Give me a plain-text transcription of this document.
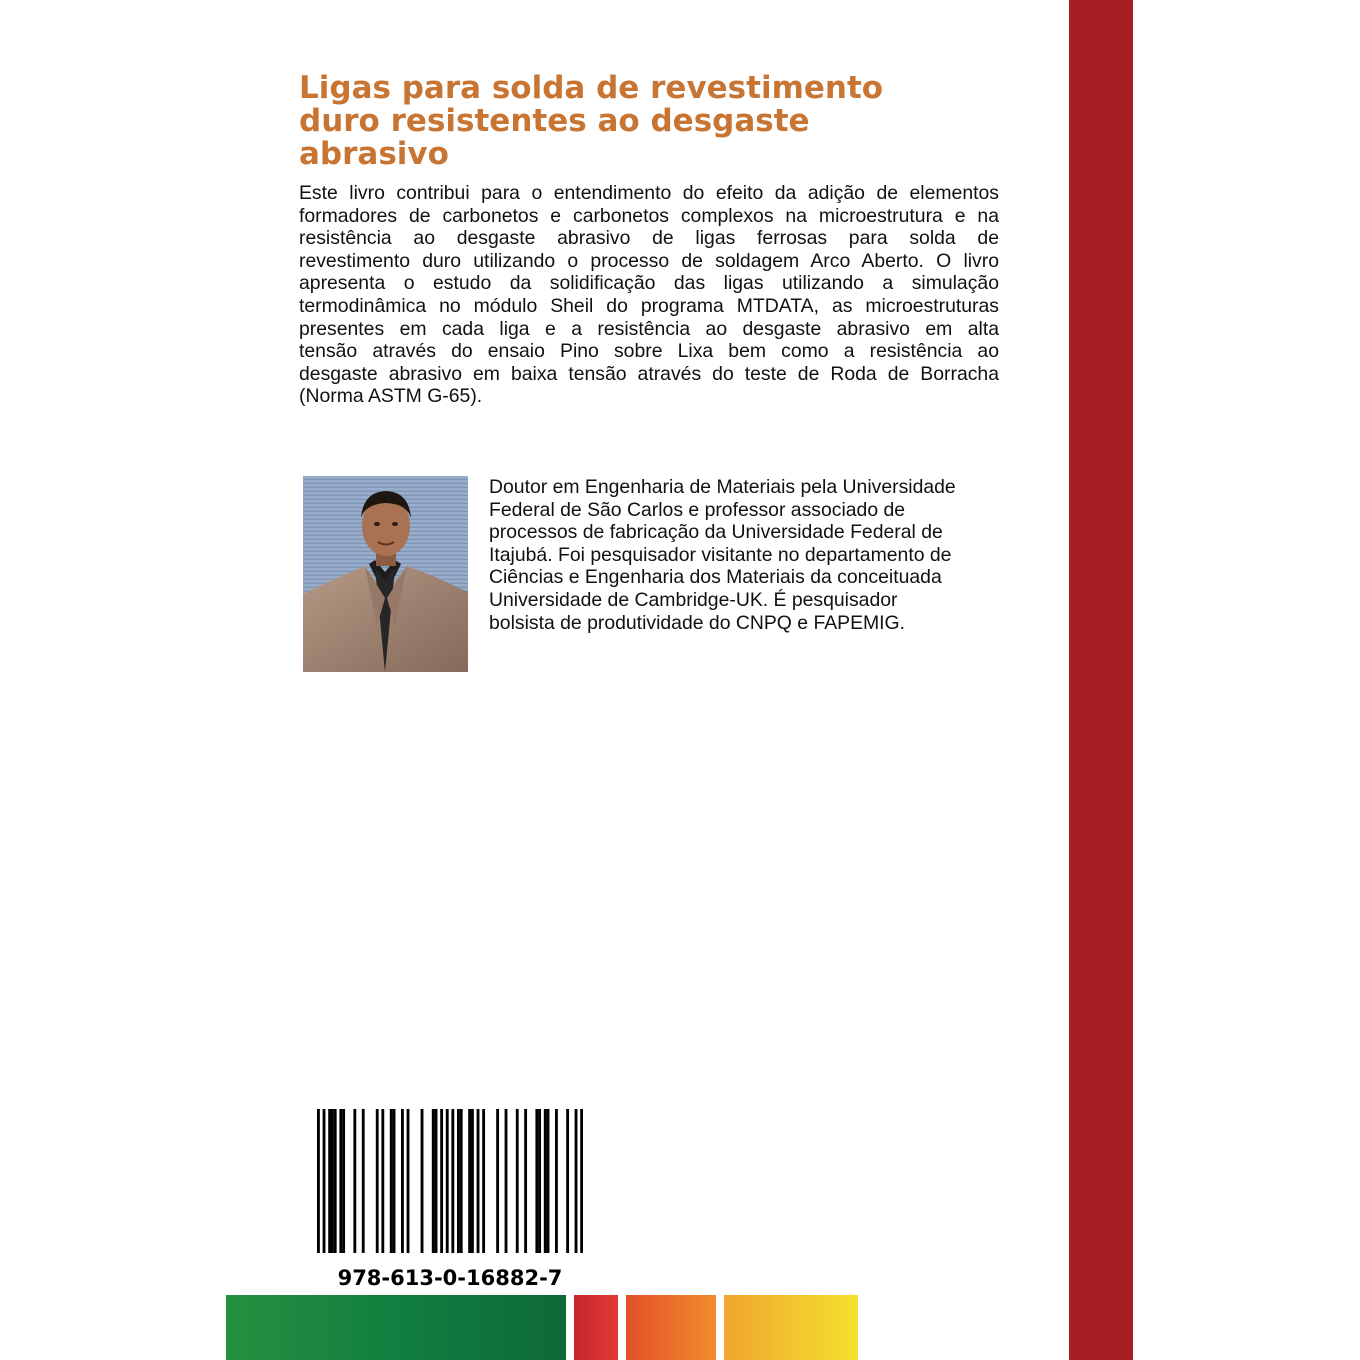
Ligas para solda de revestimento
duro resistentes ao desgaste
abrasivo
Este livro contribui para o entendimento do efeito da adição de elementos
formadores de carbonetos e carbonetos complexos na microestrutura e na
resistência ao desgaste abrasivo de ligas ferrosas para solda de
revestimento duro utilizando o processo de soldagem Arco Aberto. O livro
apresenta o estudo da solidificação das ligas utilizando a simulação
termodinâmica no módulo Sheil do programa MTDATA, as microestruturas
presentes em cada liga e a resistência ao desgaste abrasivo em alta
tensão através do ensaio Pino sobre Lixa bem como a resistência ao
desgaste abrasivo em baixa tensão através do teste de Roda de Borracha
(Norma ASTM G-65).
Doutor em Engenharia de Materiais pela Universidade
Federal de São Carlos e professor associado de
processos de fabricação da Universidade Federal de
Itajubá. Foi pesquisador visitante no departamento de
Ciências e Engenharia dos Materiais da conceituada
Universidade de Cambridge-UK. É pesquisador
bolsista de produtividade do CNPQ e FAPEMIG.
978-613-0-16882-7
